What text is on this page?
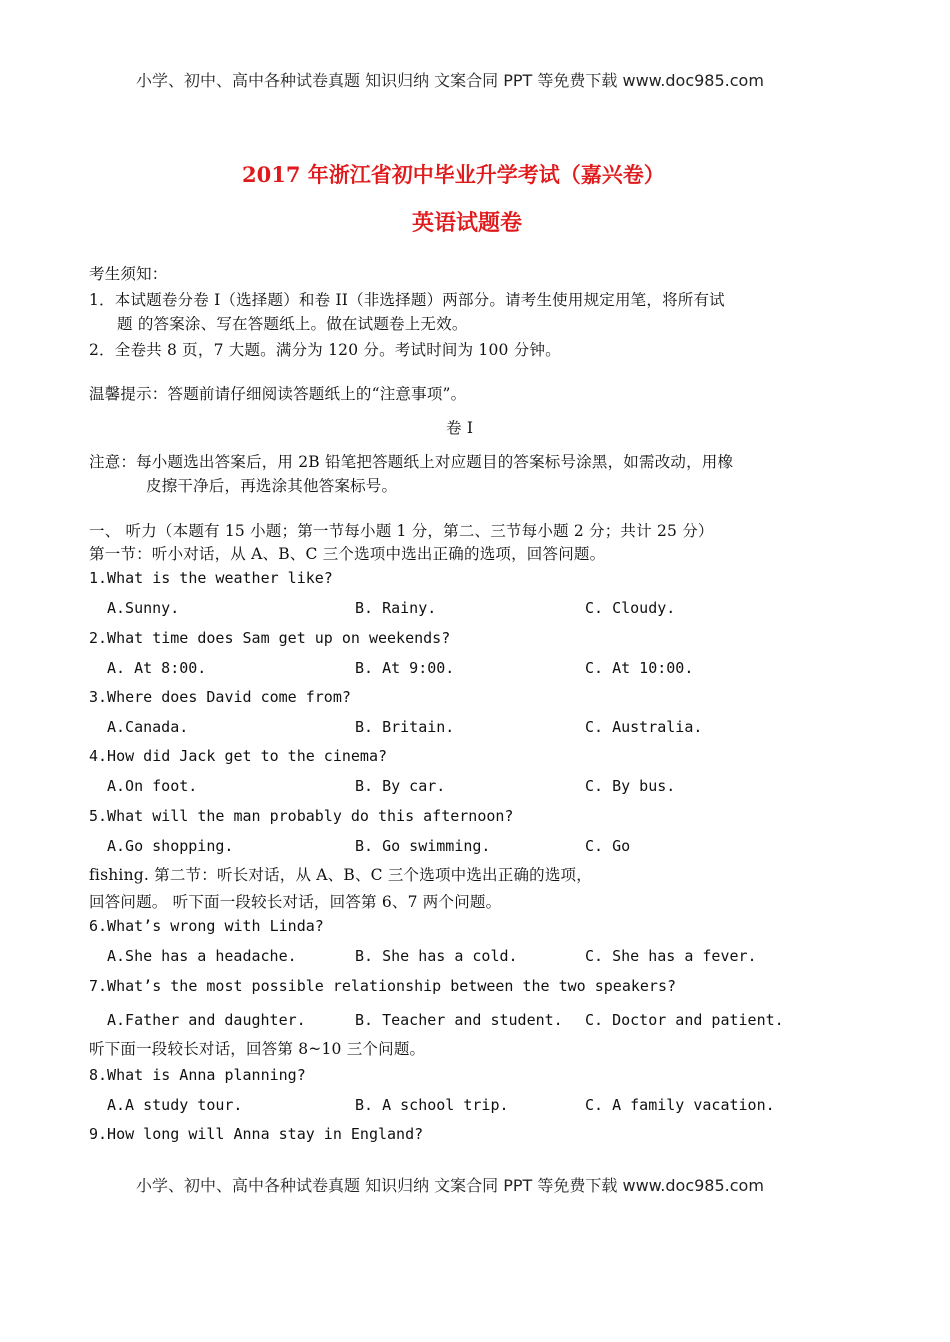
小学、初中、高中各种试卷真题 知识归纳 文案合同 PPT 等免费下载 www.doc985.com
2017 年浙江省初中毕业升学考试（嘉兴卷）
英语试题卷
考生须知：
1．本试题卷分卷 I（选择题）和卷 II（非选择题）两部分。请考生使用规定用笔，将所有试
题 的答案涂、写在答题纸上。做在试题卷上无效。
2．全卷共 8 页，7 大题。满分为 120 分。考试时间为 100 分钟。
温馨提示：答题前请仔细阅读答题纸上的“注意事项”。
卷 I
注意：每小题选出答案后，用 2B 铅笔把答题纸上对应题目的答案标号涂黑，如需改动，用橡
皮擦干净后，再选涂其他答案标号。
一、 听力（本题有 15 小题；第一节每小题 1 分，第二、三节每小题 2 分；共计 25 分）
第一节：听小对话，从 A、B、C 三个选项中选出正确的选项，回答问题。
1.What is the weather like?
A.Sunny.	B. Rainy.	C. Cloudy.
2.What time does Sam get up on weekends?
A. At 8:00.	B. At 9:00.	C. At 10:00.
3.Where does David come from?
A.Canada.	B. Britain.	C. Australia.
4.How did Jack get to the cinema?
A.On foot.	B. By car.	C. By bus.
5.What will the man probably do this afternoon?
A.Go shopping.	B. Go swimming.	C. Go
fishing. 第二节：听长对话，从 A、B、C 三个选项中选出正确的选项，
回答问题。 听下面一段较长对话，回答第 6、7 两个问题。
6.What’s wrong with Linda?
A.She has a headache.	B. She has a cold.	C. She has a fever.
7.What’s the most possible relationship between the two speakers?
A.Father and daughter.	B. Teacher and student. C. Doctor and patient.
听下面一段较长对话，回答第 8~10 三个问题。
8.What is Anna planning?
A.A study tour.	B. A school trip.	C. A family vacation.
9.How long will Anna stay in England?
小学、初中、高中各种试卷真题 知识归纳 文案合同 PPT 等免费下载 www.doc985.com
